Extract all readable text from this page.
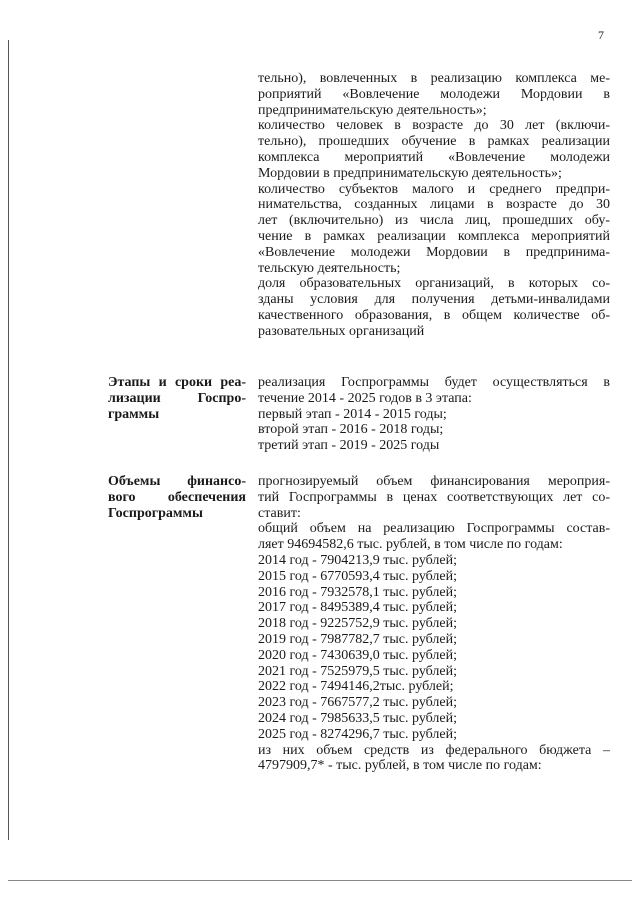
7
тельно), вовлеченных в реализацию комплекса ме-
роприятий «Вовлечение молодежи Мордовии в
предпринимательскую деятельность»;
количество человек в возрасте до 30 лет (включи-
тельно), прошедших обучение в рамках реализации
комплекса мероприятий «Вовлечение молодежи
Мордовии в предпринимательскую деятельность»;
количество субъектов малого и среднего предпри-
нимательства, созданных лицами в возрасте до 30
лет (включительно) из числа лиц, прошедших обу-
чение в рамках реализации комплекса мероприятий
«Вовлечение молодежи Мордовии в предпринима-
тельскую деятельность;
доля образовательных организаций, в которых со-
зданы условия для получения детьми-инвалидами
качественного образования, в общем количестве об-
разовательных организаций
Этапы и сроки реа-
лизации Госпро-
граммы
реализация Госпрограммы будет осуществляться в
течение 2014 - 2025 годов в 3 этапа:
первый этап - 2014 - 2015 годы;
второй этап - 2016 - 2018 годы;
третий этап - 2019 - 2025 годы
Объемы финансо-
вого обеспечения
Госпрограммы
прогнозируемый объем финансирования мероприя-
тий Госпрограммы в ценах соответствующих лет со-
ставит:
общий объем на реализацию Госпрограммы состав-
ляет 94694582,6 тыс. рублей, в том числе по годам:
2014 год - 7904213,9 тыс. рублей;
2015 год - 6770593,4 тыс. рублей;
2016 год - 7932578,1 тыс. рублей;
2017 год - 8495389,4 тыс. рублей;
2018 год - 9225752,9 тыс. рублей;
2019 год - 7987782,7 тыс. рублей;
2020 год - 7430639,0 тыс. рублей;
2021 год - 7525979,5 тыс. рублей;
2022 год - 7494146,2тыс. рублей;
2023 год - 7667577,2 тыс. рублей;
2024 год - 7985633,5 тыс. рублей;
2025 год - 8274296,7 тыс. рублей;
из них объем средств из федерального бюджета –
4797909,7* - тыс. рублей, в том числе по годам:
